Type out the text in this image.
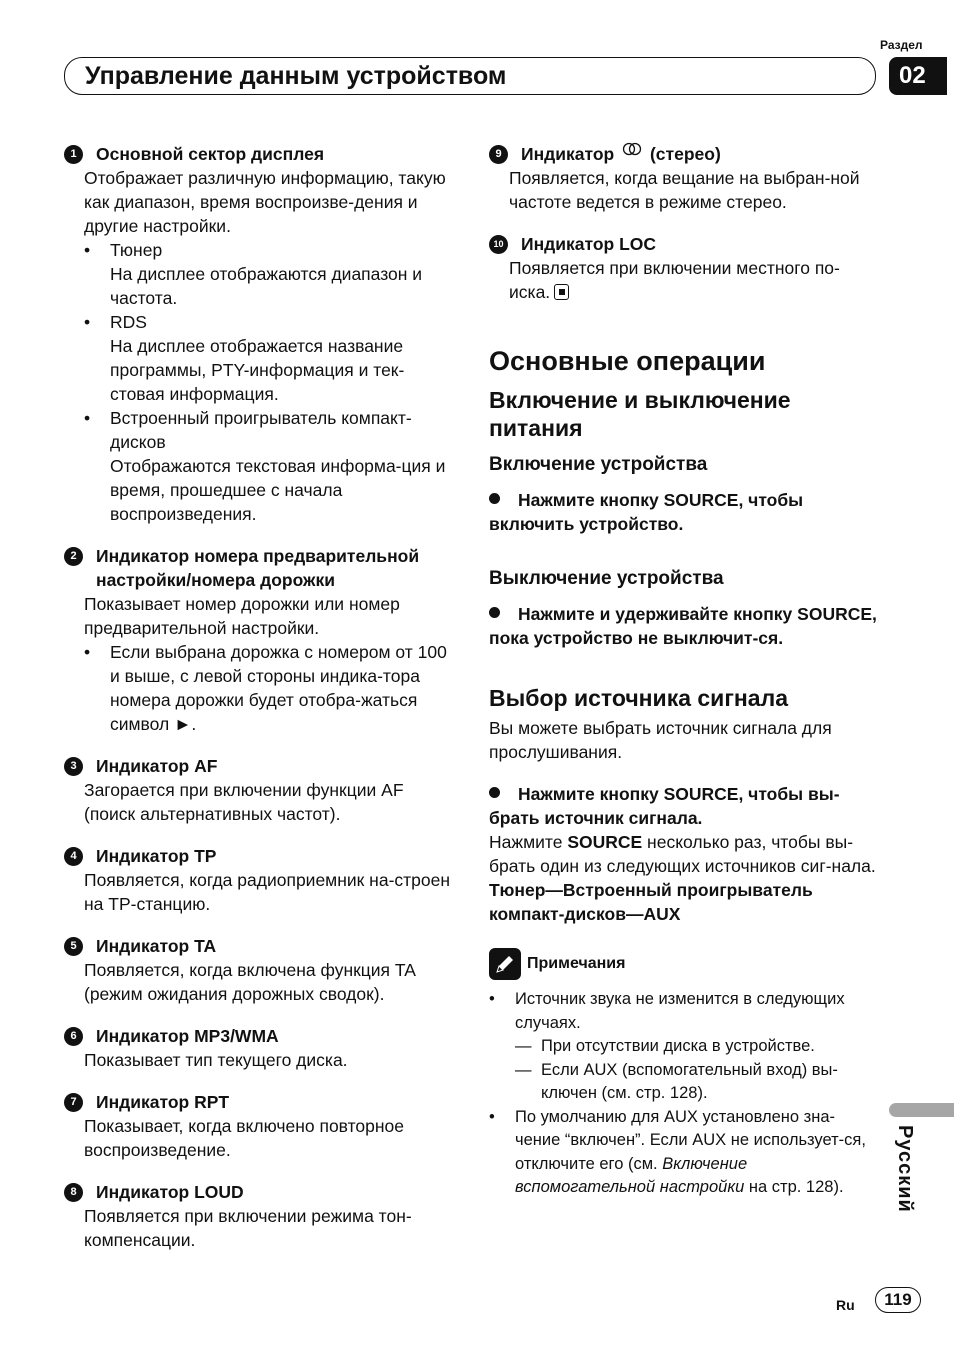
Раздел
02
Управление данным устройством
1	Основной сектор дисплея
Отображает различную информацию, такую как диапазон, время воспроизве-дения и другие настройки.
•	Тюнер
На дисплее отображаются диапазон и частота.
•	RDS
На дисплее отображается название программы, PTY-информация и тек-стовая информация.
•	Встроенный проигрыватель компакт-дисков
Отображаются текстовая информа-ция и время, прошедшее с начала воспроизведения.
2	Индикатор номера предварительной настройки/номера дорожки
Показывает номер дорожки или номер предварительной настройки.
•	Если выбрана дорожка с номером от 100 и выше, с левой стороны индика-тора номера дорожки будет отобра-жаться символ ►.
3	Индикатор AF
Загорается при включении функции AF (поиск альтернативных частот).
4	Индикатор TP
Появляется, когда радиоприемник на-строен на TP-станцию.
5	Индикатор TA
Появляется, когда включена функция TA (режим ожидания дорожных сводок).
6	Индикатор MP3/WMA
Показывает тип текущего диска.
7	Индикатор RPT
Показывает, когда включено повторное воспроизведение.
8	Индикатор LOUD
Появляется при включении режима тон-компенсации.
9	Индикатор

(стерео)
Появляется, когда вещание на выбран-ной частоте ведется в режиме стерео.
10 Индикатор LOC
Появляется при включении местного по-иска.
Основные операции
Включение и выключение питания
Включение устройства
Нажмите кнопку SOURCE, чтобы включить устройство.
Выключение устройства
Нажмите и удерживайте кнопку SOURCE, пока устройство не выключит-ся.
Выбор источника сигнала
Вы можете выбрать источник сигнала для прослушивания.
Нажмите кнопку SOURCE, чтобы вы-брать источник сигнала.
Нажмите SOURCE несколько раз, чтобы вы-брать один из следующих источников сиг-нала.
Тюнер—Встроенный проигрыватель компакт-дисков—AUX
Примечания
•	Источник звука не изменится в следующих случаях.
— При отсутствии диска в устройстве.
— Если AUX (вспомогательный вход) вы-ключен (см. стр. 128).
•	По умолчанию для AUX установлено зна-чение “включен”. Если AUX не использует-ся, отключите его (см. Включение вспомогательной настройки на стр. 128).	Русский
Ru	119
